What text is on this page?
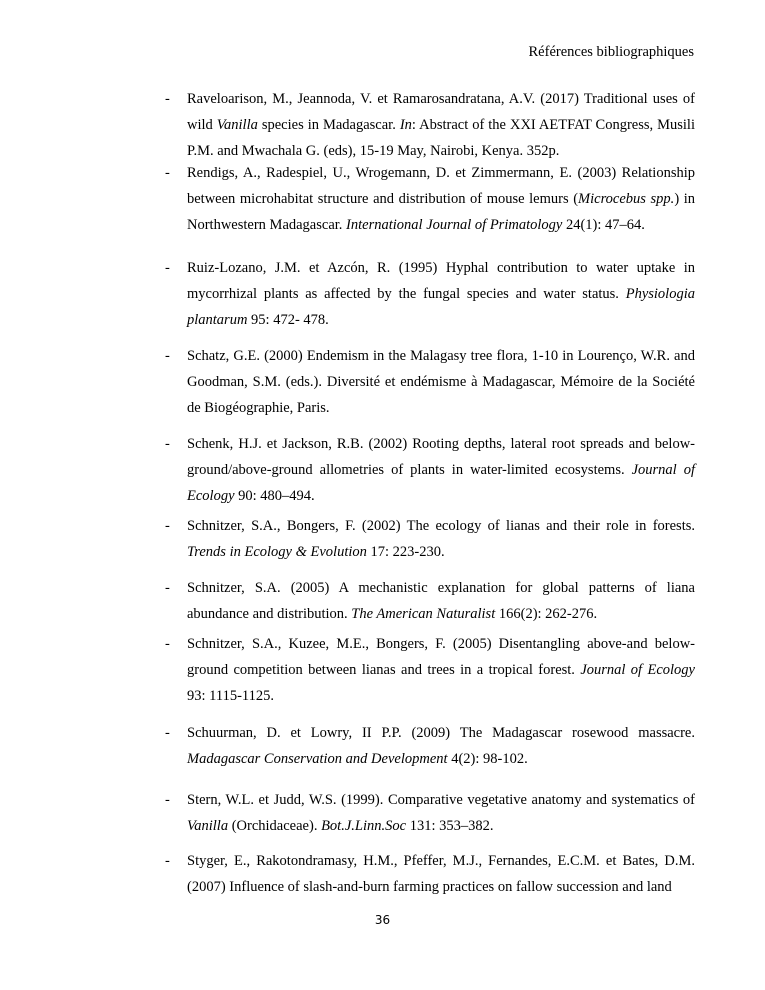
Références bibliographiques
-	Raveloarison, M., Jeannoda, V. et Ramarosandratana, A.V. (2017) Traditional uses of wild Vanilla species in Madagascar. In: Abstract of the XXI AETFAT Congress, Musili P.M. and Mwachala G. (eds), 15-19 May, Nairobi, Kenya. 352p.
-	Rendigs, A., Radespiel, U., Wrogemann, D. et Zimmermann, E. (2003) Relationship between microhabitat structure and distribution of mouse lemurs (Microcebus spp.) in Northwestern Madagascar. International Journal of Primatology 24(1): 47–64.
-	Ruiz-Lozano, J.M. et Azcón, R. (1995) Hyphal contribution to water uptake in mycorrhizal plants as affected by the fungal species and water status. Physiologia plantarum 95: 472- 478.
-	Schatz, G.E. (2000) Endemism in the Malagasy tree flora, 1-10 in Lourenço, W.R. and Goodman, S.M. (eds.). Diversité et endémisme à Madagascar, Mémoire de la Société de Biogéographie, Paris.
-	Schenk, H.J. et Jackson, R.B. (2002) Rooting depths, lateral root spreads and below-ground/above-ground allometries of plants in water-limited ecosystems. Journal of Ecology 90: 480–494.
-	Schnitzer, S.A., Bongers, F. (2002) The ecology of lianas and their role in forests. Trends in Ecology & Evolution 17: 223-230.
-	Schnitzer, S.A. (2005) A mechanistic explanation for global patterns of liana abundance and distribution. The American Naturalist 166(2): 262-276.
-	Schnitzer, S.A., Kuzee, M.E., Bongers, F. (2005) Disentangling above-and below-ground competition between lianas and trees in a tropical forest. Journal of Ecology 93: 1115-1125.
-	Schuurman, D. et Lowry, II P.P. (2009) The Madagascar rosewood massacre. Madagascar Conservation and Development 4(2): 98-102.
-	Stern, W.L. et Judd, W.S. (1999). Comparative vegetative anatomy and systematics of Vanilla (Orchidaceae). Bot.J.Linn.Soc 131: 353–382.
-	Styger, E., Rakotondramasy, H.M., Pfeffer, M.J., Fernandes, E.C.M. et Bates, D.M. (2007) Influence of slash-and-burn farming practices on fallow succession and land
36
